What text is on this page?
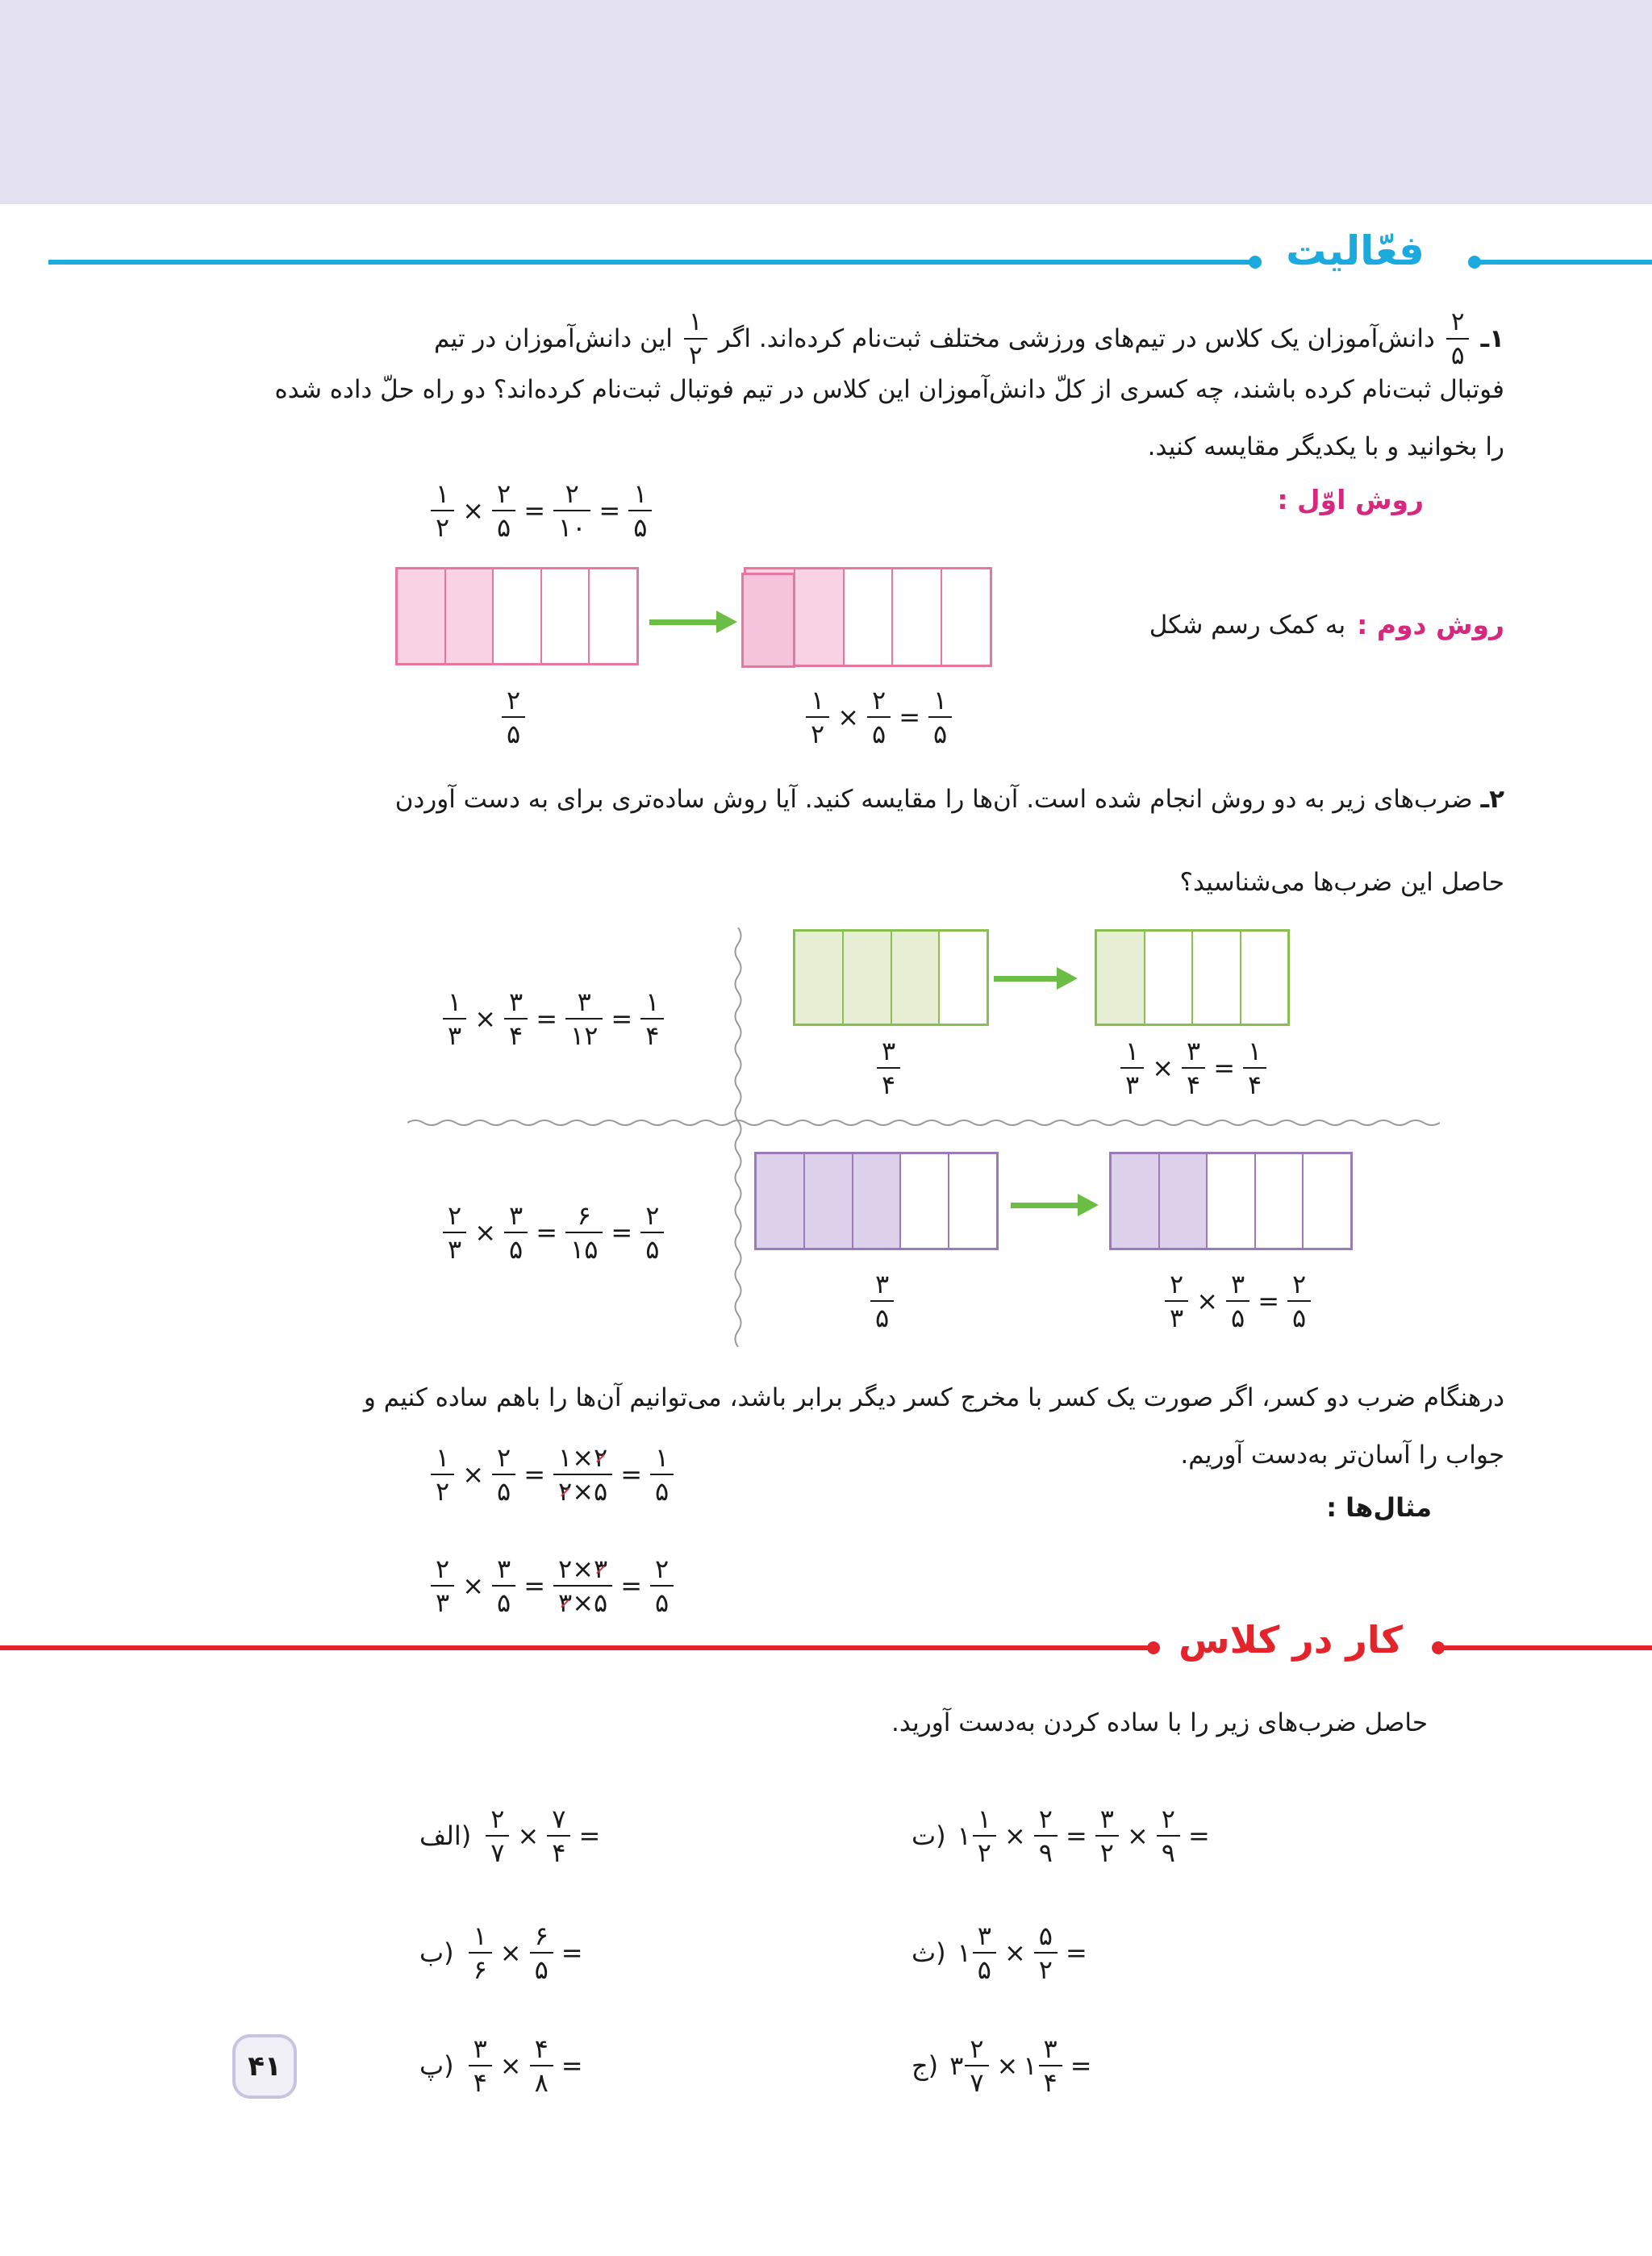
فعّالیت
۱ـ
$\frac{۲}{۵}$
دانش‌آموزان یک کلاس در تیم‌های ورزشی مختلف ثبت‌نام کرده‌اند. اگر
$\frac{۱}{۲}$
این دانش‌آموزان در تیم
فوتبال ثبت‌نام کرده باشند، چه کسری از کلّ دانش‌آموزان این کلاس در تیم فوتبال ثبت‌نام کرده‌اند؟ دو راه حلّ داده شده
را بخوانید و با یکدیگر مقایسه کنید.
روش اوّل :
$\frac{۱}{۲} \times \frac{۲}{۵} = \frac{۲}{۱۰} = \frac{۱}{۵}$
روش دوم :
به کمک رسم شکل
$\frac{۲}{۵}$	$\frac{۱}{۲} \times \frac{۲}{۵} = \frac{۱}{۵}$
۲ـ ضرب‌های زیر به دو روش انجام شده است. آن‌ها را مقایسه کنید. آیا روش ساده‌تری برای به دست آوردن
حاصل این ضرب‌ها می‌شناسید؟
$\frac{۱}{۳} \times \frac{۳}{۴} = \frac{۳}{۱۲} = \frac{۱}{۴}$
$\frac{۳}{۴}$	$\frac{۱}{۳} \times \frac{۳}{۴} = \frac{۱}{۴}$
$\frac{۲}{۳} \times \frac{۳}{۵} = \frac{۶}{۱۵} = \frac{۲}{۵}$
$\frac{۳}{۵}$	$\frac{۲}{۳} \times \frac{۳}{۵} = \frac{۲}{۵}$
درهنگام ضرب دو کسر، اگر صورت یک کسر با مخرج کسر دیگر برابر باشد، می‌توانیم آن‌ها را باهم ساده کنیم و
جواب را آسان‌تر به‌دست آوریم.
مثال‌ها :
$\frac{۱}{۲} \times \frac{۲}{۵} = \frac{۱\times ۲}{۲\times ۵} = \frac{۱}{۵}$
$\frac{۲}{۳} \times \frac{۳}{۵} = \frac{۲\times ۳}{۳\times ۵} = \frac{۲}{۵}$
کار در کلاس
حاصل ضرب‌های زیر را با ساده کردن به‌دست آورید.
(الف $\frac{۲}{۷} \times \frac{۷}{۴}$ =
(ب $\frac{۱}{۶} \times \frac{۶}{۵}$ =
(پ $\frac{۳}{۴} \times \frac{۴}{۸}$ =
(ت ۱ $\frac{۱}{۲} \times \frac{۲}{۹} = \frac{۳}{۲} \times \frac{۲}{۹}$ =
(ث ۱ $\frac{۳}{۵} \times \frac{۵}{۲}$ =
(ج ۳ $\frac{۲}{۷}$ × ۱ $\frac{۳}{۴}$ =
۴۱
